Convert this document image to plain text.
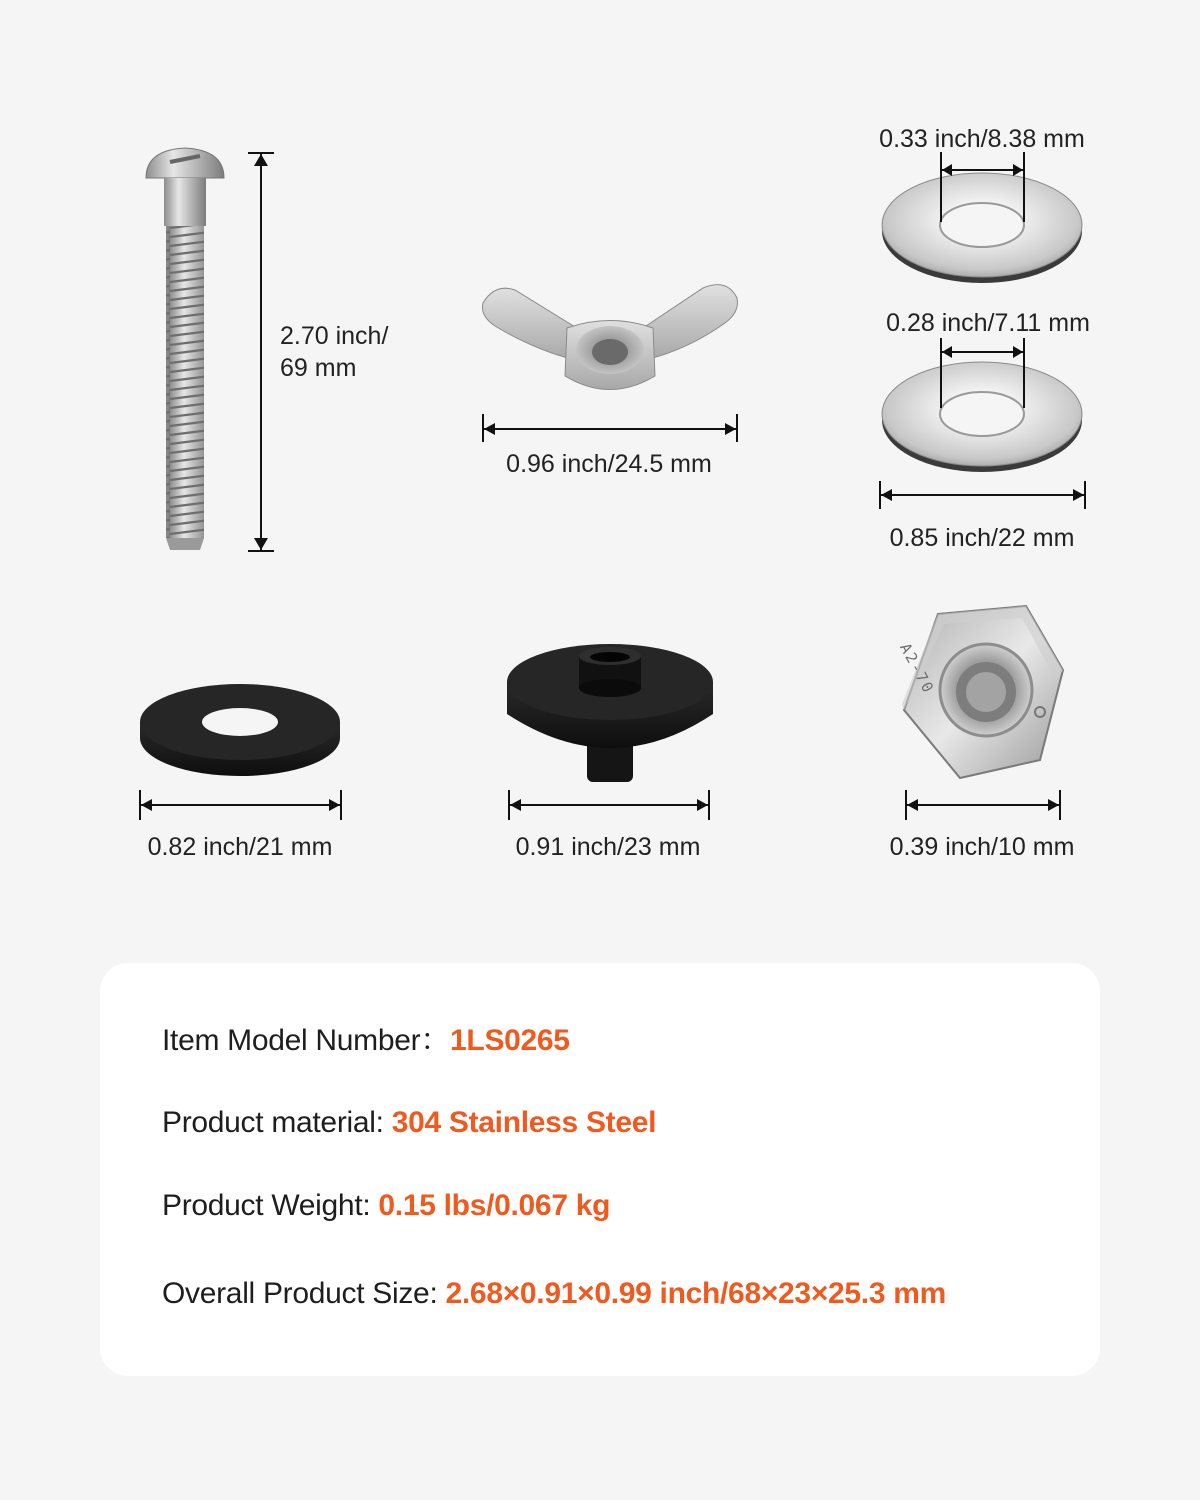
2.70 inch/
69 mm
0.96 inch/24.5 mm
0.33 inch/8.38 mm
0.28 inch/7.11 mm
0.85 inch/22 mm
0.82 inch/21 mm	0.91 inch/23 mm
A2-70
0.39 inch/10 mm
Item Model Number：1LS0265
Product material: 304 Stainless Steel
Product Weight: 0.15 lbs/0.067 kg
Overall Product Size: 2.68×0.91×0.99 inch/68×23×25.3 mm
